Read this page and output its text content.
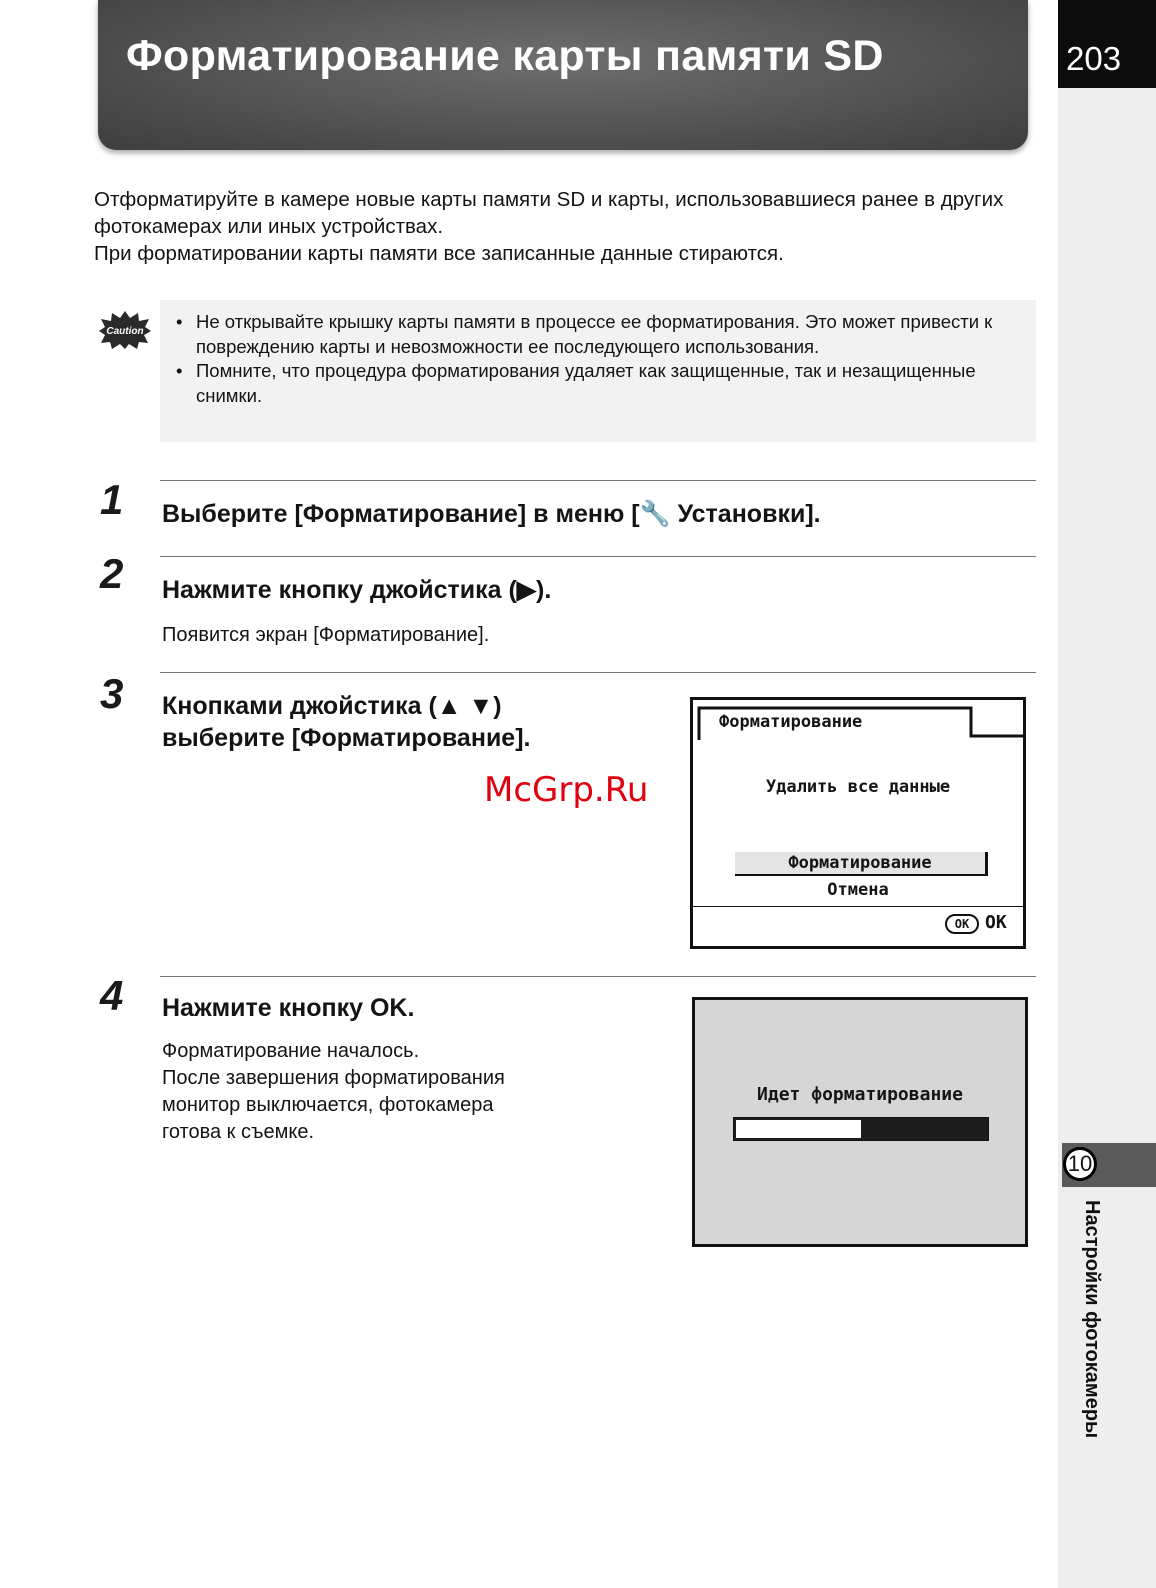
Форматирование карты памяти SD	203
10
Настройки фотокамеры

Отформатируйте в камере новые карты памяти SD и карты, использовавшиеся ранее в других фотокамерах или иных устройствах.

При форматировании карты памяти все записанные данные стираются.

Caution
•	Не открывайте крышку карты памяти в процессе ее форматирования. Это может привести к повреждению карты и невозможности ее последующего использования.
• Помните, что процедура форматирования удаляет как защищенные, так и незащищенные снимки.
1 Выберите [Форматирование] в меню [🔧 Установки].
2 Нажмите кнопку джойстика (▶).

Появится экран [Форматирование].

3 Кнопками джойстика (▲ ▼)
выберите [Форматирование].
McGrp.Ru
Форматирование
Удалить все данные
Форматирование
Отмена
OK OK
4 Нажмите кнопку OK.

Форматирование началось.

После завершения форматирования

монитор выключается, фотокамера

готова к съемке.

Идет форматирование
